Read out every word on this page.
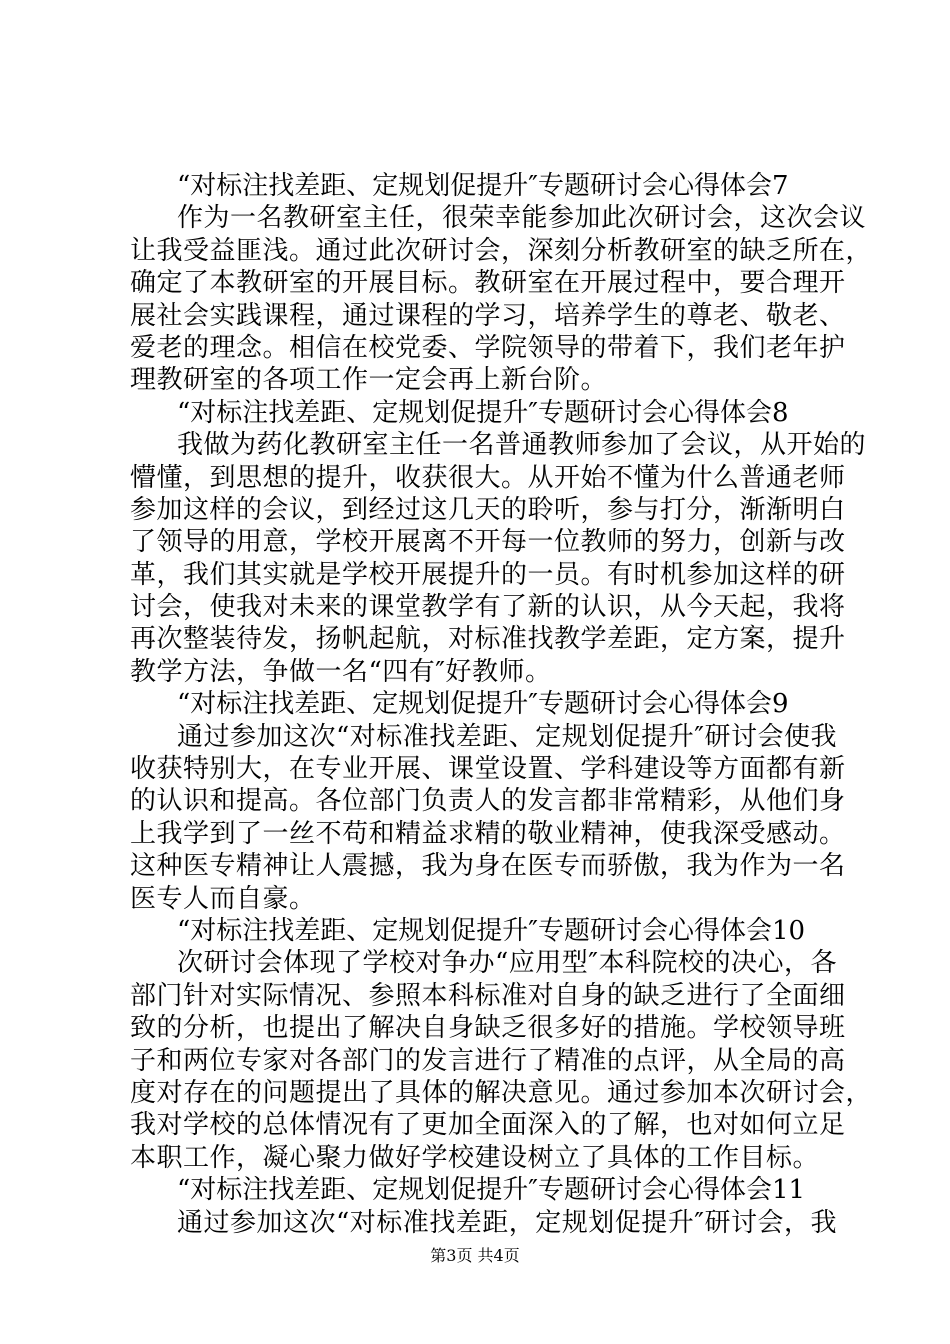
“对标注找差距、定规划促提升″专题研讨会心得体会7
作为一名教研室主任，很荣幸能参加此次研讨会，这次会议
让我受益匪浅。通过此次研讨会，深刻分析教研室的缺乏所在，
确定了本教研室的开展目标。教研室在开展过程中，要合理开
展社会实践课程，通过课程的学习，培养学生的尊老、敬老、
爱老的理念。相信在校党委、学院领导的带着下，我们老年护
理教研室的各项工作一定会再上新台阶。
“对标注找差距、定规划促提升″专题研讨会心得体会8
我做为药化教研室主任一名普通教师参加了会议，从开始的
懵懂，到思想的提升，收获很大。从开始不懂为什么普通老师
参加这样的会议，到经过这几天的聆听，参与打分，渐渐明白
了领导的用意，学校开展离不开每一位教师的努力，创新与改
革，我们其实就是学校开展提升的一员。有时机参加这样的研
讨会，使我对未来的课堂教学有了新的认识，从今天起，我将
再次整装待发，扬帆起航，对标准找教学差距，定方案，提升
教学方法，争做一名“四有″好教师。
“对标注找差距、定规划促提升″专题研讨会心得体会9
通过参加这次“对标准找差距、定规划促提升″研讨会使我
收获特别大，在专业开展、课堂设置、学科建设等方面都有新
的认识和提高。各位部门负责人的发言都非常精彩，从他们身
上我学到了一丝不苟和精益求精的敬业精神，使我深受感动。
这种医专精神让人震撼，我为身在医专而骄傲，我为作为一名
医专人而自豪。
“对标注找差距、定规划促提升″专题研讨会心得体会10
次研讨会体现了学校对争办“应用型″本科院校的决心，各
部门针对实际情况、参照本科标准对自身的缺乏进行了全面细
致的分析，也提出了解决自身缺乏很多好的措施。学校领导班
子和两位专家对各部门的发言进行了精准的点评，从全局的高
度对存在的问题提出了具体的解决意见。通过参加本次研讨会，
我对学校的总体情况有了更加全面深入的了解，也对如何立足
本职工作，凝心聚力做好学校建设树立了具体的工作目标。
“对标注找差距、定规划促提升″专题研讨会心得体会11
通过参加这次“对标准找差距，定规划促提升″研讨会，我
第3页 共4页
